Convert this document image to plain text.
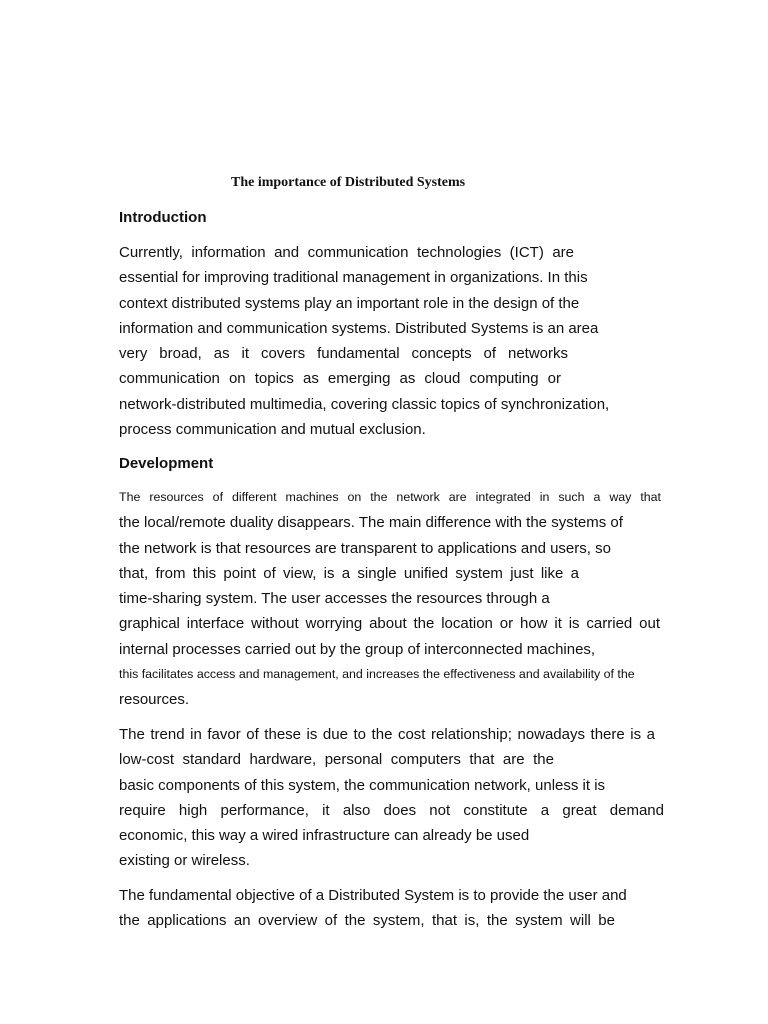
The importance of Distributed Systems
Introduction

Currently, information and communication technologies (ICT) are
essential for improving traditional management in organizations. In this
context distributed systems play an important role in the design of the
information and communication systems. Distributed Systems is an area
very broad, as it covers fundamental concepts of networks
communication on topics as emerging as cloud computing or
network-distributed multimedia, covering classic topics of synchronization,
process communication and mutual exclusion.

Development

The resources of different machines on the network are integrated in such a way that
the local/remote duality disappears. The main difference with the systems of
the network is that resources are transparent to applications and users, so
that, from this point of view, is a single unified system just like a
time-sharing system. The user accesses the resources through a
graphical interface without worrying about the location or how it is carried out
internal processes carried out by the group of interconnected machines,
this facilitates access and management, and increases the effectiveness and availability of the
resources.

The trend in favor of these is due to the cost relationship; nowadays there is a
low-cost standard hardware, personal computers that are the
basic components of this system, the communication network, unless it is
require high performance, it also does not constitute a great demand
economic, this way a wired infrastructure can already be used
existing or wireless.

The fundamental objective of a Distributed System is to provide the user and
the applications an overview of the system, that is, the system will be
